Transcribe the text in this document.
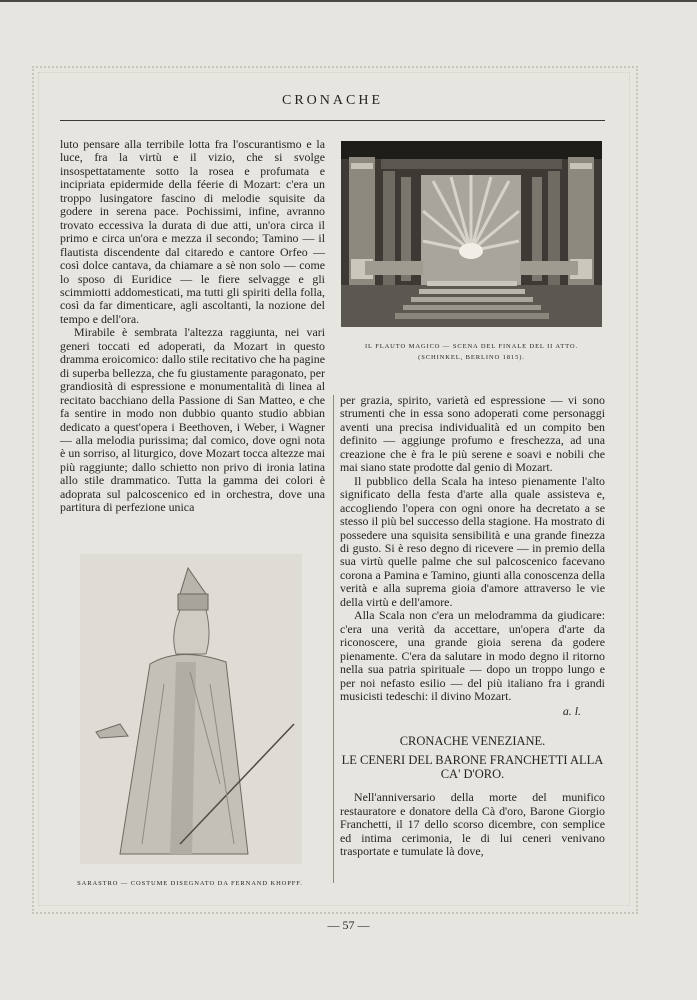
CRONACHE

luto pensare alla terribile lotta fra l'oscurantismo e la luce, fra la virtù e il vizio, che si svolge insospettatamente sotto la rosea e profumata e incipriata epidermide della féerie di Mozart: c'era un troppo lusingatore fascino di melodie squisite da godere in serena pace. Pochissimi, infine, avranno trovato eccessiva la durata di due atti, un'ora circa il primo e circa un'ora e mezza il secondo; Tamino — il flautista discendente dal citaredo e cantore Orfeo — così dolce cantava, da chiamare a sè non solo — come lo sposo di Euridice — le fiere selvagge e gli scimmiotti addomesticati, ma tutti gli spiriti della folla, così da far dimenticare, agli ascoltanti, la nozione del tempo e dell'ora.

Mirabile è sembrata l'altezza raggiunta, nei vari generi toccati ed adoperati, da Mozart in questo dramma eroicomico: dallo stile recitativo che ha pagine di superba bellezza, che fu giustamente paragonato, per grandiosità di espressione e monumentalità di linea al recitato bacchiano della Passione di San Matteo, e che fa sentire in modo non dubbio quanto studio abbian dedicato a quest'opera i Beethoven, i Weber, i Wagner — alla melodia purissima; dal comico, dove ogni nota è un sorriso, al liturgico, dove Mozart tocca altezze mai più raggiunte; dallo schietto non privo di ironia latina allo stile drammatico. Tutta la gamma dei colori è adoprata sul palcoscenico ed in orchestra, dove una partitura di perfezione unica

IL FLAUTO MAGICO — SCENA DEL FINALE DEL II ATTO.
(SCHINKEL, BERLINO 1815).
SARASTRO — COSTUME DISEGNATO DA FERNAND KHOPFF.

per grazia, spirito, varietà ed espressione — vi sono strumenti che in essa sono adoperati come personaggi aventi una precisa individualità ed un compito ben definito — aggiunge profumo e freschezza, ad una creazione che è fra le più serene e soavi e nobili che mai siano state prodotte dal genio di Mozart.

Il pubblico della Scala ha inteso pienamente l'alto significato della festa d'arte alla quale assisteva e, accogliendo l'opera con ogni onore ha decretato a se stesso il più bel successo della stagione. Ha mostrato di possedere una squisita sensibilità e una grande finezza di gusto. Si è reso degno di ricevere — in premio della sua virtù quelle palme che sul palcoscenico facevano corona a Pamina e Tamino, giunti alla conoscenza della verità e alla suprema gioia d'amore attraverso le vie della virtù e dell'amore.

Alla Scala non c'era un melodramma da giudicare: c'era una verità da accettare, un'opera d'arte da riconoscere, una grande gioia serena da godere pienamente. C'era da salutare in modo degno il ritorno nella sua patria spirituale — dopo un troppo lungo e per noi nefasto esilio — del più italiano fra i grandi musicisti tedeschi: il divino Mozart.

a. l.
CRONACHE VENEZIANE.
LE CENERI DEL BARONE FRANCHETTI ALLA CA' D'ORO.

Nell'anniversario della morte del munifico restauratore e donatore della Cà d'oro, Barone Giorgio Franchetti, il 17 dello scorso dicembre, con semplice ed intima cerimonia, le di lui ceneri venivano trasportate e tumulate là dove,

— 57 —
